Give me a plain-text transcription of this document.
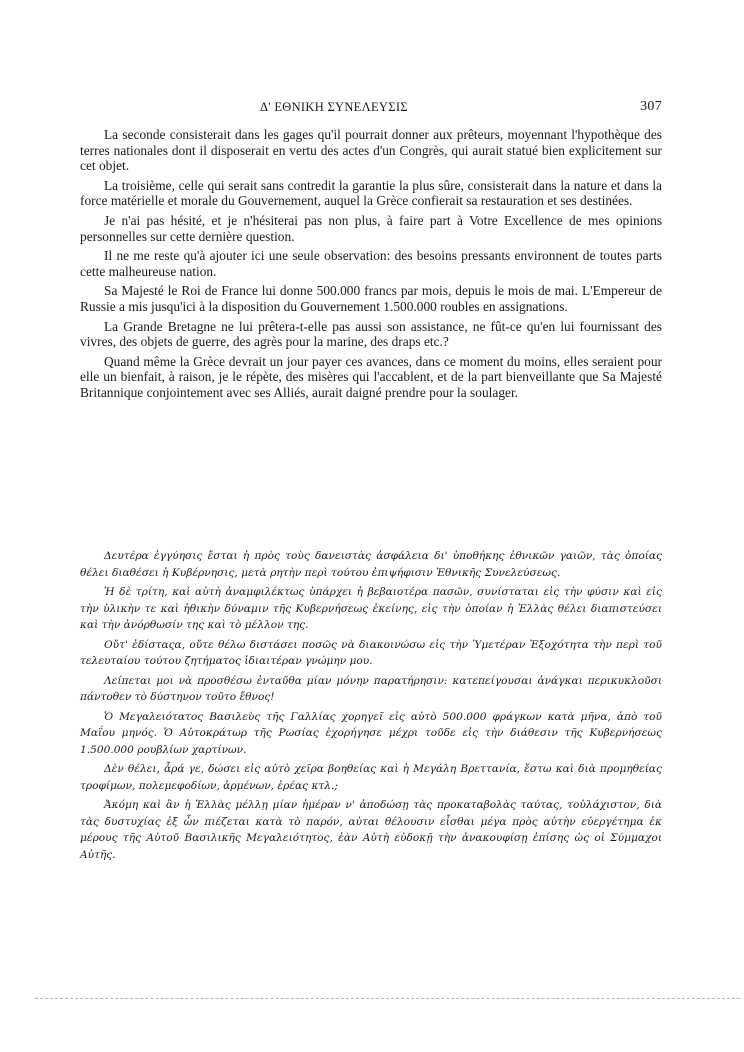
Δ' ΕΘΝΙΚΗ ΣΥΝΕΛΕΥΣΙΣ	307

La seconde consisterait dans les gages qu'il pourrait donner aux prêteurs, moyennant l'hypothèque des terres nationales dont il disposerait en vertu des actes d'un Congrès, qui aurait statué bien explicitement sur cet objet.

La troisième, celle qui serait sans contredit la garantie la plus sûre, consisterait dans la nature et dans la force matérielle et morale du Gouvernement, auquel la Grèce confierait sa restauration et ses destinées.

Je n'ai pas hésité, et je n'hésiterai pas non plus, à faire part à Votre Excellence de mes opinions personnelles sur cette dernière question.

Il ne me reste qu'à ajouter ici une seule observation: des besoins pressants environnent de toutes parts cette malheureuse nation.

Sa Majesté le Roi de France lui donne 500.000 francs par mois, depuis le mois de mai. L'Empereur de Russie a mis jusqu'ici à la disposition du Gouvernement 1.500.000 roubles en assignations.

La Grande Bretagne ne lui prêtera-t-elle pas aussi son assistance, ne fût-ce qu'en lui fournissant des vivres, des objets de guerre, des agrès pour la marine, des draps etc.?

Quand même la Grèce devrait un jour payer ces avances, dans ce moment du moins, elles seraient pour elle un bienfait, à raison, je le répète, des misères qui l'accablent, et de la part bienveillante que Sa Majesté Britannique conjointement avec ses Alliés, aurait daigné prendre pour la soulager.

Δευτέρα ἐγγύησις ἔσται ἡ πρὸς τοὺς δανειστὰς ἀσφάλεια δι' ὑποθήκης ἐθνικῶν γαιῶν, τὰς ὁποίας θέλει διαθέσει ἡ Κυβέρνησις, μετὰ ρητὴν περὶ τούτου ἐπιψήφισιν Ἐθνικῆς Συνελεύσεως.

Ἡ δὲ τρίτη, καὶ αὐτὴ ἀναμφιλέκτως ὑπάρχει ἡ βεβαιοτέρα πασῶν, συνίσταται εἰς τὴν φύσιν καὶ εἰς τὴν ὑλικὴν τε καὶ ἠθικὴν δύναμιν τῆς Κυβερνήσεως ἐκείνης, εἰς τὴν ὁποίαν ἡ Ἑλλὰς θέλει διαπιστεύσει καὶ τὴν ἀνόρθωσίν της καὶ τὸ μέλλον της.

Οὔτ' ἐδίσταςα, οὔτε θέλω διστάσει ποσῶς νὰ διακοινώσω εἰς τὴν Ὑμετέραν Ἐξοχότητα τὴν περὶ τοῦ τελευταίου τούτου ζητήματος ἰδιαιτέραν γνώμην μου.

Λείπεται μοι νὰ προσθέσω ἐνταῦθα μίαν μόνην παρατήρησιν: κατεπείγουσαι ἀνάγκαι περικυκλοῦσι πάντοθεν τὸ δύστηνον τοῦτο ἔθνος!

Ὁ Μεγαλειότατος Βασιλεὺς τῆς Γαλλίας χορηγεῖ εἰς αὐτὸ 500.000 φράγκων κατὰ μῆνα, ἀπὸ τοῦ Μαΐου μηνός. Ὁ Αὐτοκράτωρ τῆς Ρωσίας ἐχορήγησε μέχρι τοῦδε εἰς τὴν διάθεσιν τῆς Κυβερνήσεως 1.500.000 ρουβλίων χαρτίνων.

Δὲν θέλει, ἆρά γε, δώσει εἰς αὐτὸ χεῖρα βοηθείας καὶ ἡ Μεγάλη Βρεττανία, ἔστω καὶ διὰ προμηθείας τροφίμων, πολεμεφοδίων, ἀρμένων, ἐρέας κτλ.;

Ἀκόμη καὶ ἂν ἡ Ἑλλὰς μέλλῃ μίαν ἡμέραν ν' ἀποδώσῃ τὰς προκαταβολὰς ταύτας, τοὐλάχιστον, διὰ τὰς δυστυχίας ἐξ ὧν πιέζεται κατὰ τὸ παρόν, αὐται θέλουσιν εἶσθαι μέγα πρὸς αὐτὴν εὐεργέτημα ἐκ μέρους τῆς Αὐτοῦ Βασιλικῆς Μεγαλειότητος, ἐὰν Αὐτὴ εὐδοκῇ τὴν ἀνακουφίσῃ ἐπίσης ὡς οἱ Σύμμαχοι Αὐτῆς.
